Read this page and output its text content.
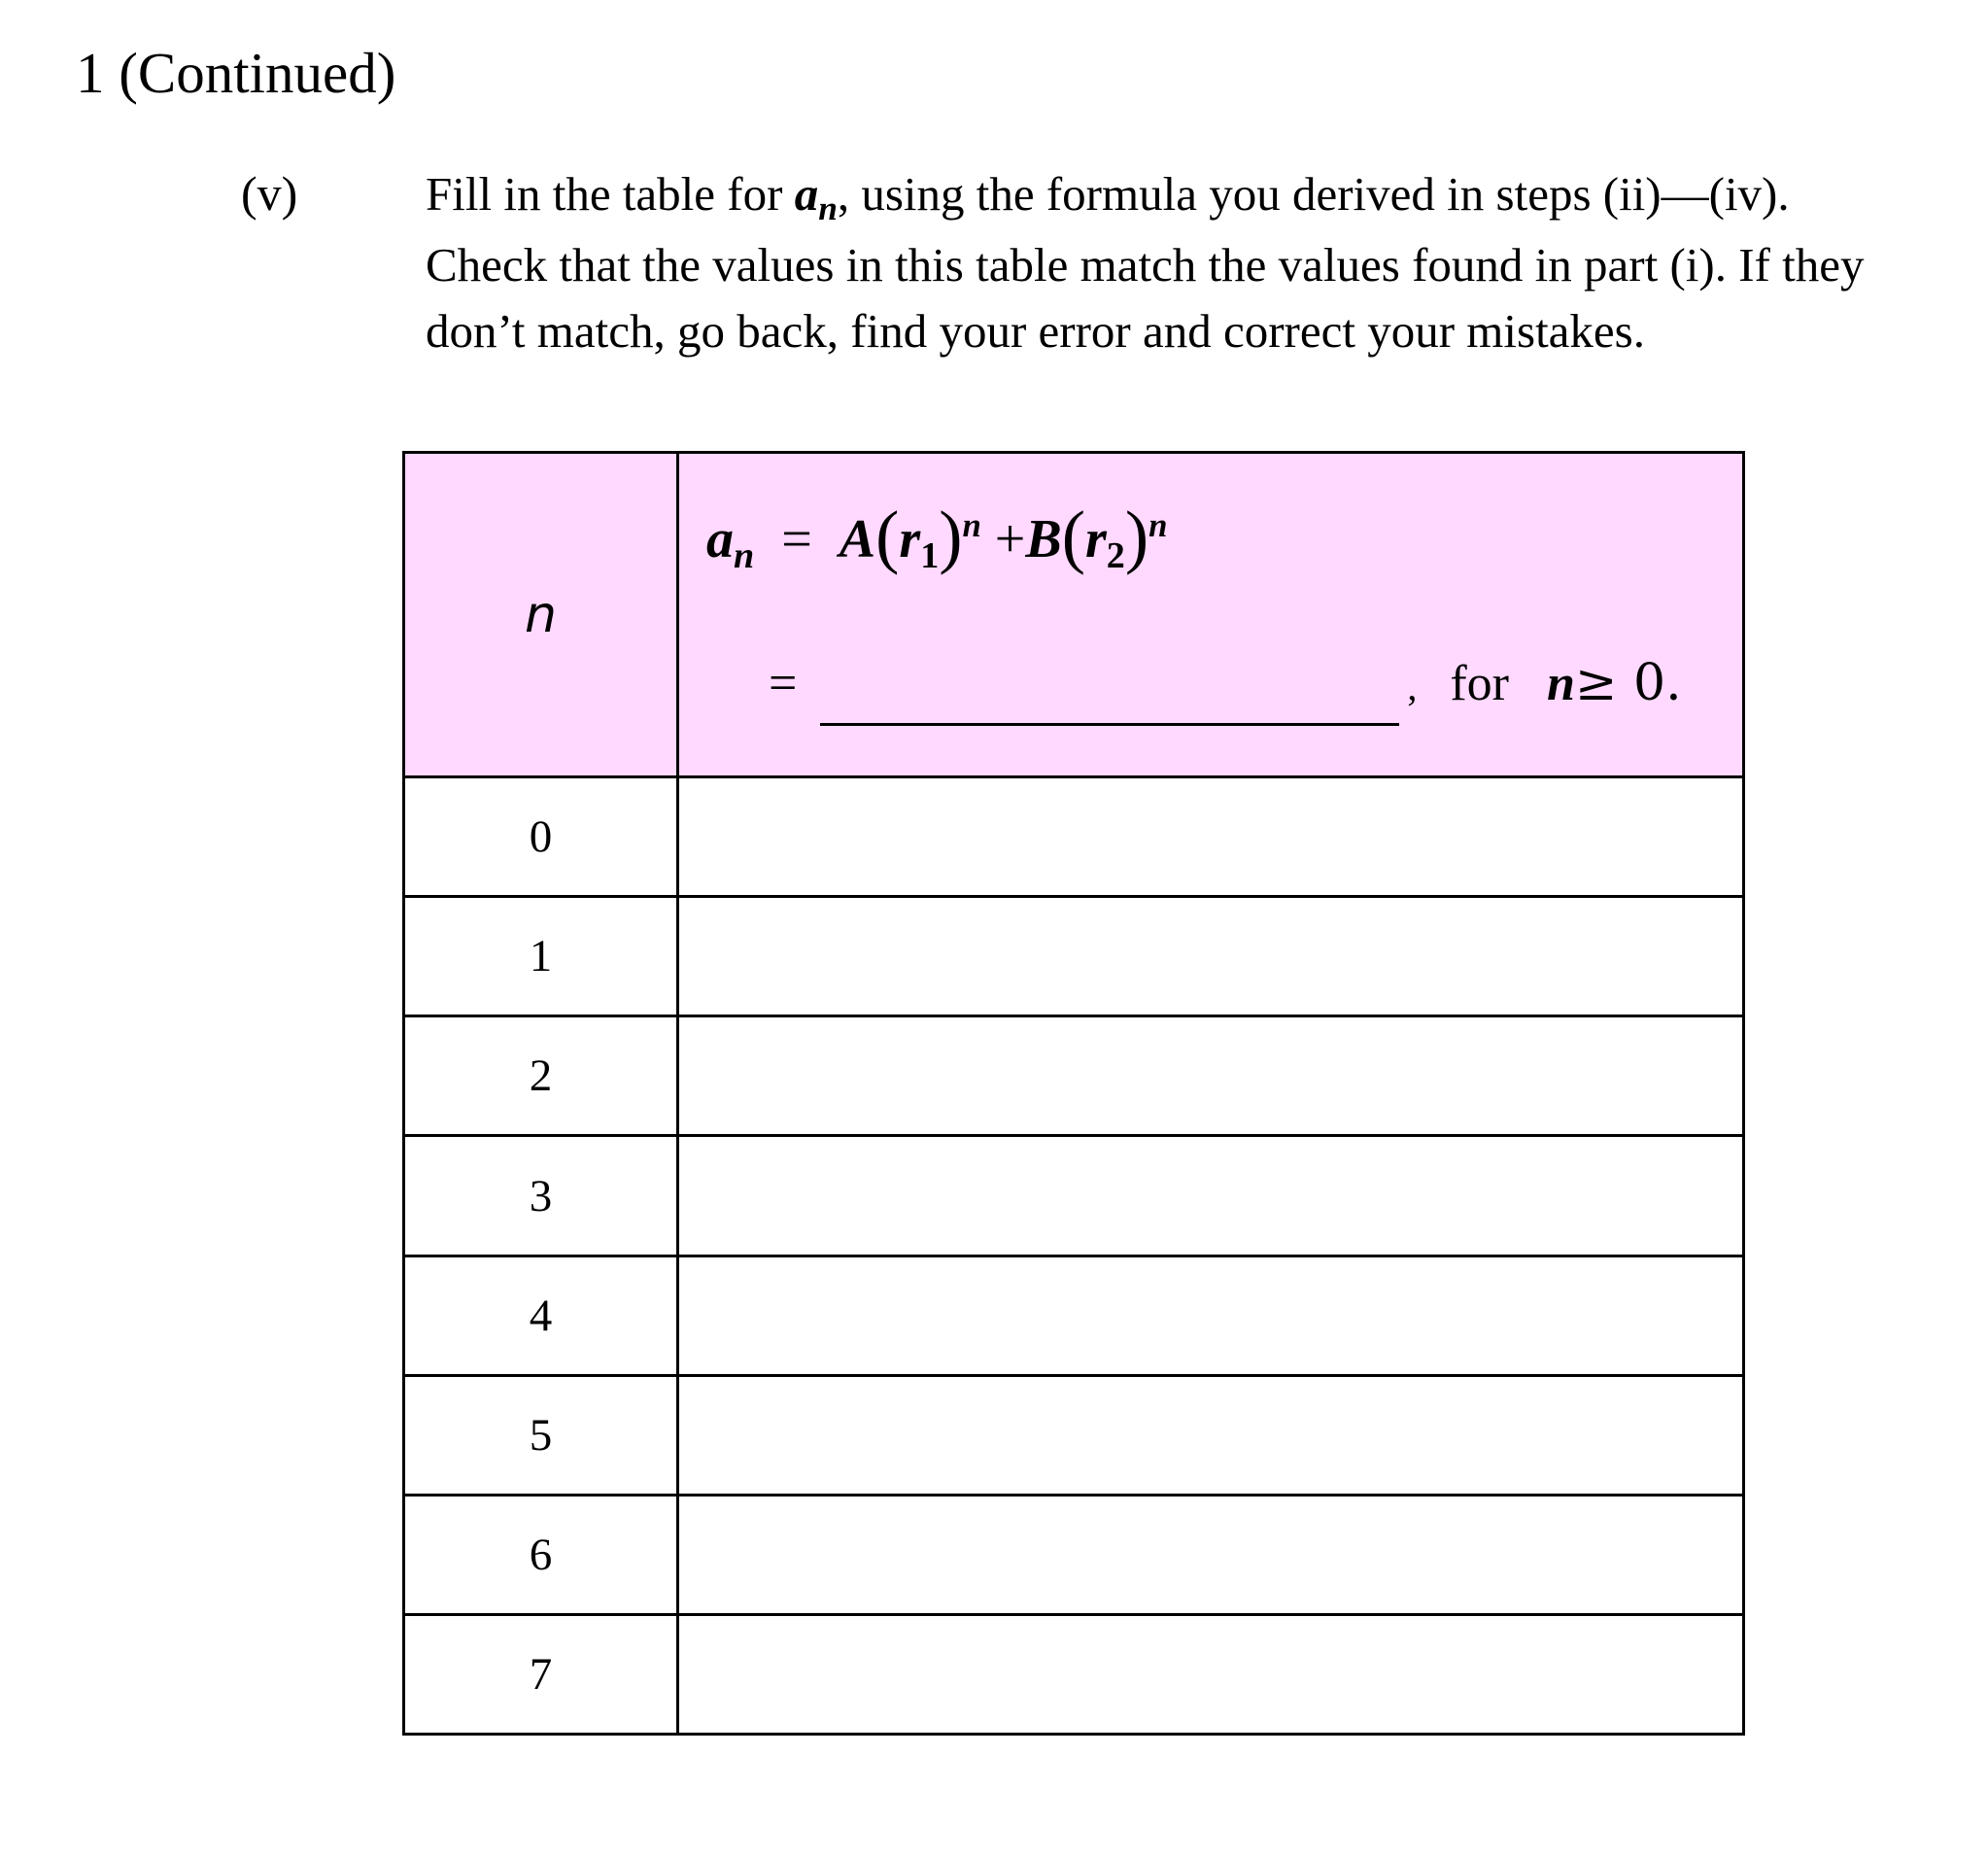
1 (Continued)
(v)	Fill in the table for $a_n$, using the formula you derived in steps (ii)—(iv).
Check that the values in this table match the values found in part (i). If they
don’t match, go back, find your error and correct your mistakes.
n	$a_n = A(r_1)^n +B(r_2)^n$
= , for n≥ 0.

0	
1	
2	
3	
4	
5	
6	
7	
